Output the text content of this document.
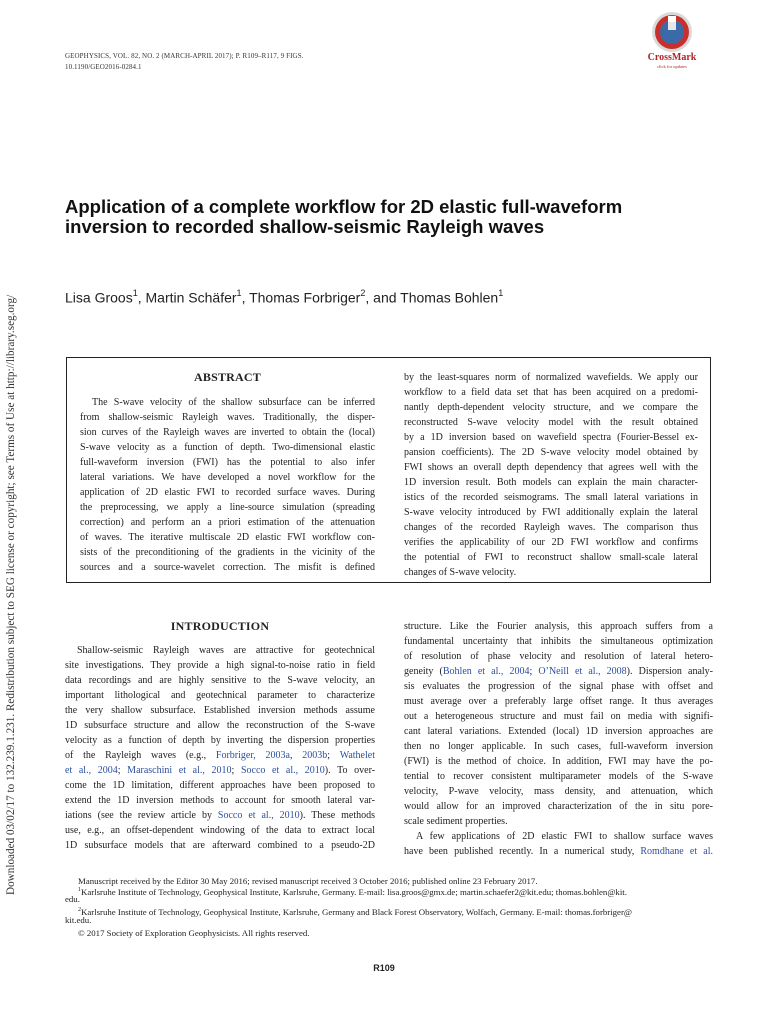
GEOPHYSICS, VOL. 82, NO. 2 (MARCH-APRIL 2017); P. R109–R117, 9 FIGS.
10.1190/GEO2016-0284.1
CrossMark
click for updates
Downloaded 03/02/17 to 132.239.1.231. Redistribution subject to SEG license or copyright; see Terms of Use at http://library.seg.org/
Application of a complete workflow for 2D elastic full-waveform
inversion to recorded shallow-seismic Rayleigh waves
Lisa Groos$^1$, Martin Schäfer$^1$, Thomas Forbriger$^2$, and Thomas Bohlen$^1$
ABSTRACT
The S-wave velocity of the shallow subsurface can be inferred
from shallow-seismic Rayleigh waves. Traditionally, the disper-
sion curves of the Rayleigh waves are inverted to obtain the (local)
S-wave velocity as a function of depth. Two-dimensional elastic
full-waveform inversion (FWI) has the potential to also infer
lateral variations. We have developed a novel workflow for the
application of 2D elastic FWI to recorded surface waves. During
the preprocessing, we apply a line-source simulation (spreading
correction) and perform an a priori estimation of the attenuation
of waves. The iterative multiscale 2D elastic FWI workflow con-
sists of the preconditioning of the gradients in the vicinity of the
sources and a source-wavelet correction. The misfit is defined
by the least-squares norm of normalized wavefields. We apply our
workflow to a field data set that has been acquired on a predomi-
nantly depth-dependent velocity structure, and we compare the
reconstructed S-wave velocity model with the result obtained
by a 1D inversion based on wavefield spectra (Fourier-Bessel ex-
pansion coefficients). The 2D S-wave velocity model obtained by
FWI shows an overall depth dependency that agrees well with the
1D inversion result. Both models can explain the main character-
istics of the recorded seismograms. The small lateral variations in
S-wave velocity introduced by FWI additionally explain the lateral
changes of the recorded Rayleigh waves. The comparison thus
verifies the applicability of our 2D FWI workflow and confirms
the potential of FWI to reconstruct shallow small-scale lateral
changes of S-wave velocity.
INTRODUCTION
Shallow-seismic Rayleigh waves are attractive for geotechnical
site investigations. They provide a high signal-to-noise ratio in field
data recordings and are highly sensitive to the S-wave velocity, an
important lithological and geotechnical parameter to characterize
the very shallow subsurface. Established inversion methods assume
1D subsurface structure and allow the reconstruction of the S-wave
velocity as a function of depth by inverting the dispersion properties
of the Rayleigh waves (e.g., Forbriger, 2003a, 2003b; Wathelet
et al., 2004; Maraschini et al., 2010; Socco et al., 2010). To over-
come the 1D limitation, different approaches have been proposed to
extend the 1D inversion methods to account for smooth lateral var-
iations (see the review article by Socco et al., 2010). These methods
use, e.g., an offset-dependent windowing of the data to extract local
1D subsurface models that are afterward combined to a pseudo-2D
structure. Like the Fourier analysis, this approach suffers from a
fundamental uncertainty that inhibits the simultaneous optimization
of resolution of phase velocity and resolution of lateral hetero-
geneity (Bohlen et al., 2004; O’Neill et al., 2008). Dispersion analy-
sis evaluates the progression of the signal phase with offset and
must average over a preferably large offset range. It thus averages
out a heterogeneous structure and must fail on media with signifi-
cant lateral variations. Extended (local) 1D inversion approaches are
then no longer applicable. In such cases, full-waveform inversion
(FWI) is the method of choice. In addition, FWI may have the po-
tential to recover consistent multiparameter models of the S-wave
velocity, P-wave velocity, mass density, and attenuation, which
would allow for an improved characterization of the in situ pore-
scale sediment properties.
A few applications of 2D elastic FWI to shallow surface waves
have been published recently. In a numerical study, Romdhane et al.
Manuscript received by the Editor 30 May 2016; revised manuscript received 3 October 2016; published online 23 February 2017.
$^1$Karlsruhe Institute of Technology, Geophysical Institute, Karlsruhe, Germany. E-mail: lisa.groos@gmx.de; martin.schaefer2@kit.edu; thomas.bohlen@kit.
edu.
$^2$Karlsruhe Institute of Technology, Geophysical Institute, Karlsruhe, Germany and Black Forest Observatory, Wolfach, Germany. E-mail: thomas.forbriger@
kit.edu.
© 2017 Society of Exploration Geophysicists. All rights reserved.
R109
